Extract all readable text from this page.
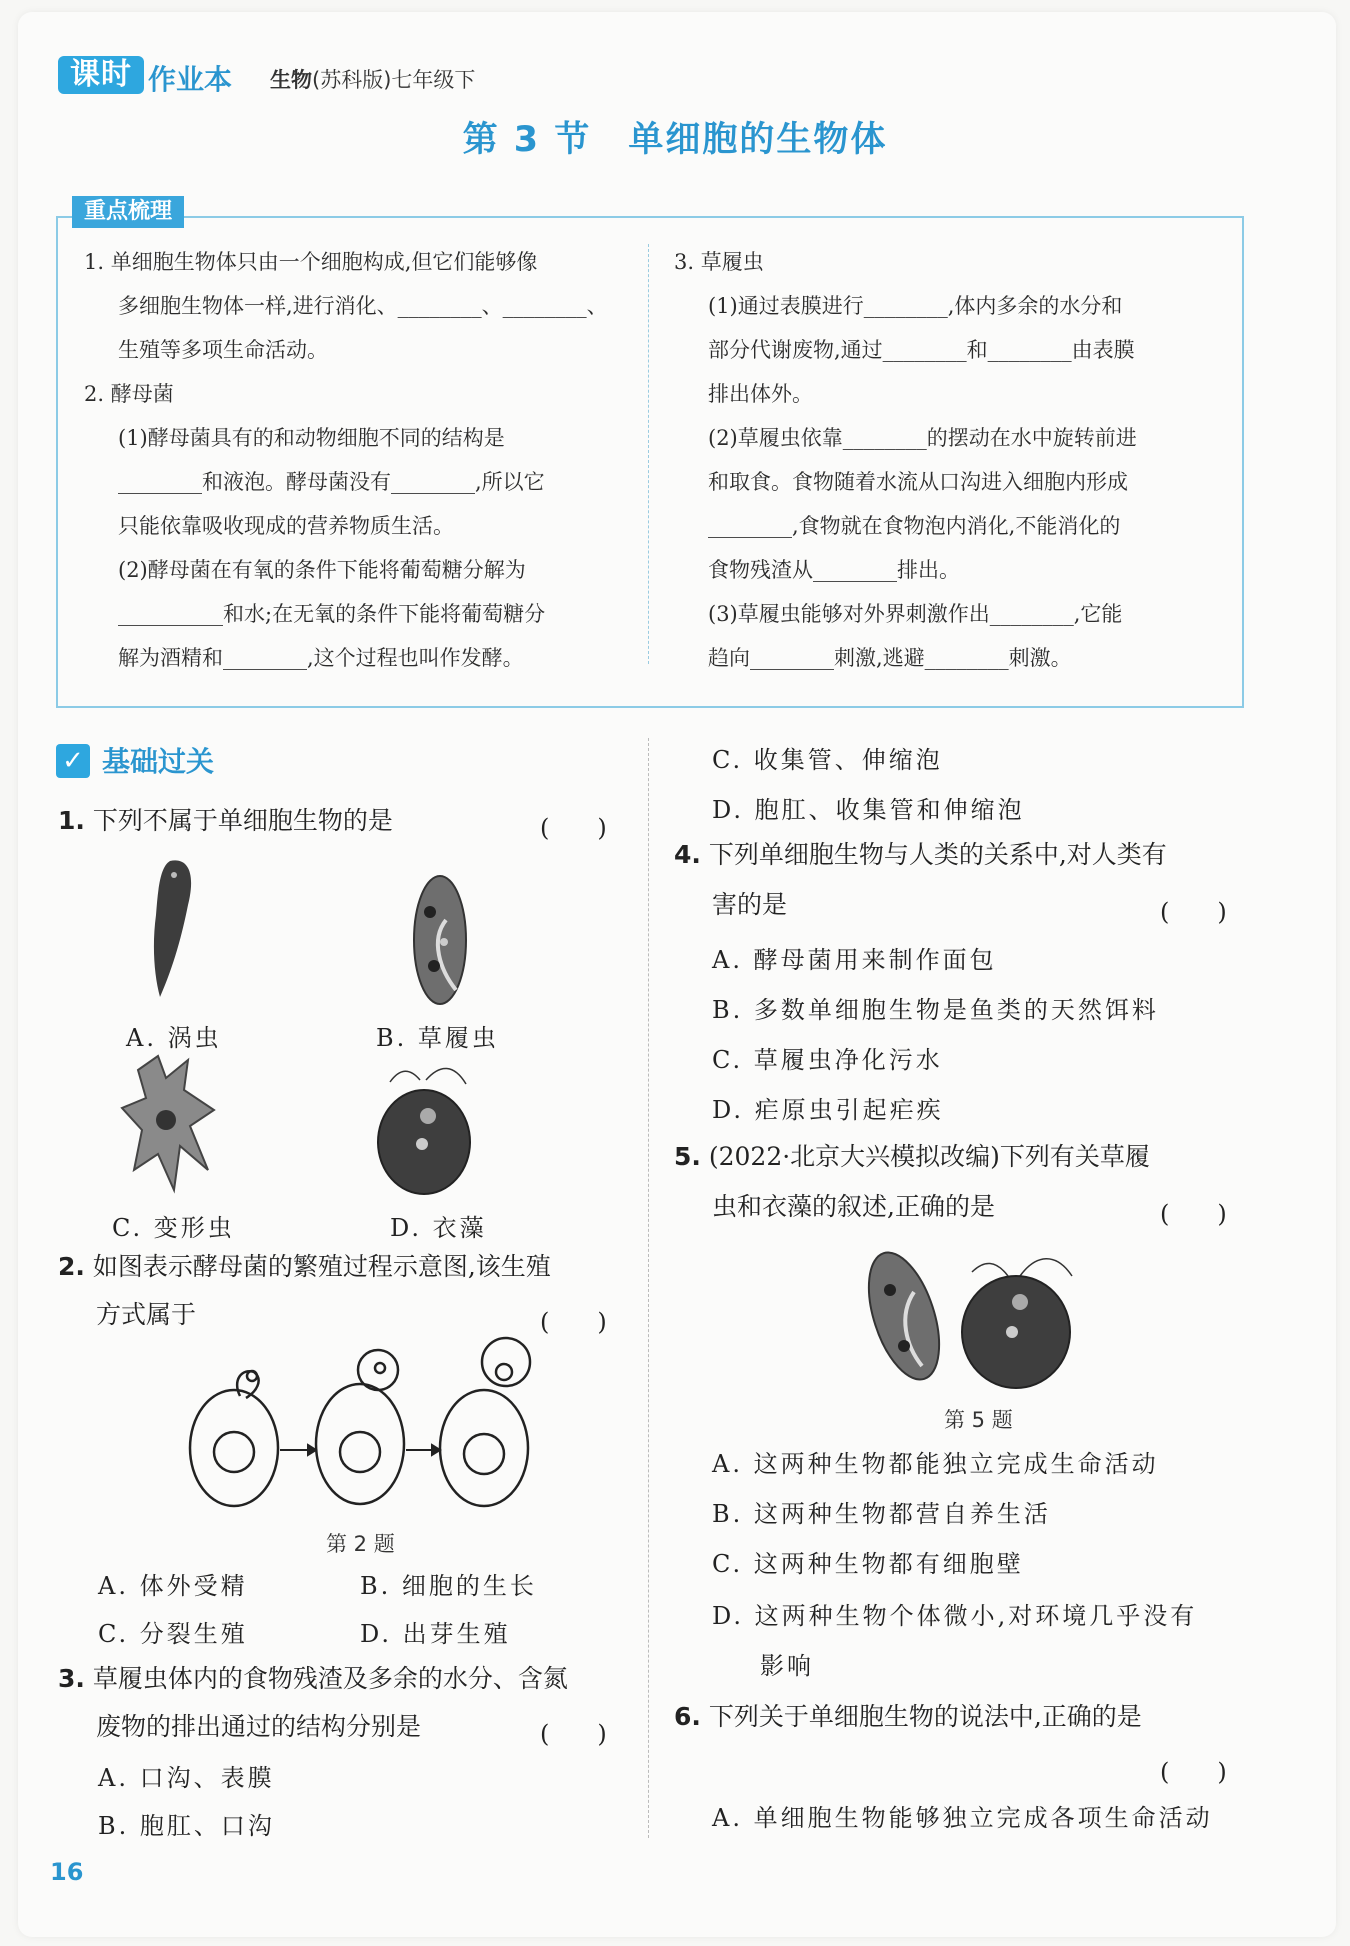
课时 作业本 生物(苏科版)七年级下
第 3 节　单细胞的生物体
重点梳理
1. 单细胞生物体只由一个细胞构成,但它们能够像
多细胞生物体一样,进行消化、________、________、
生殖等多项生命活动。
2. 酵母菌
(1)酵母菌具有的和动物细胞不同的结构是
________和液泡。酵母菌没有________,所以它
只能依靠吸收现成的营养物质生活。
(2)酵母菌在有氧的条件下能将葡萄糖分解为
__________和水;在无氧的条件下能将葡萄糖分
解为酒精和________,这个过程也叫作发酵。
3. 草履虫
(1)通过表膜进行________,体内多余的水分和
部分代谢废物,通过________和________由表膜
排出体外。
(2)草履虫依靠________的摆动在水中旋转前进
和取食。食物随着水流从口沟进入细胞内形成
________,食物就在食物泡内消化,不能消化的
食物残渣从________排出。
(3)草履虫能够对外界刺激作出________,它能
趋向________刺激,逃避________刺激。
✓ 基础过关
1. 下列不属于单细胞生物的是	(　　)
A. 涡虫	B. 草履虫
C. 变形虫	D. 衣藻
2. 如图表示酵母菌的繁殖过程示意图,该生殖
方式属于	(　　)
第 2 题
A. 体外受精	B. 细胞的生长
C. 分裂生殖	D. 出芽生殖
3. 草履虫体内的食物残渣及多余的水分、含氮
废物的排出通过的结构分别是	(　　)
A. 口沟、表膜
B. 胞肛、口沟
C. 收集管、伸缩泡
D. 胞肛、收集管和伸缩泡
4. 下列单细胞生物与人类的关系中,对人类有
害的是	(　　)
A. 酵母菌用来制作面包
B. 多数单细胞生物是鱼类的天然饵料
C. 草履虫净化污水
D. 疟原虫引起疟疾
5. (2022·北京大兴模拟改编)下列有关草履
虫和衣藻的叙述,正确的是	(　　)
第 5 题
A. 这两种生物都能独立完成生命活动
B. 这两种生物都营自养生活
C. 这两种生物都有细胞壁
D. 这两种生物个体微小,对环境几乎没有
影响
6. 下列关于单细胞生物的说法中,正确的是
(　　)
A. 单细胞生物能够独立完成各项生命活动
16
